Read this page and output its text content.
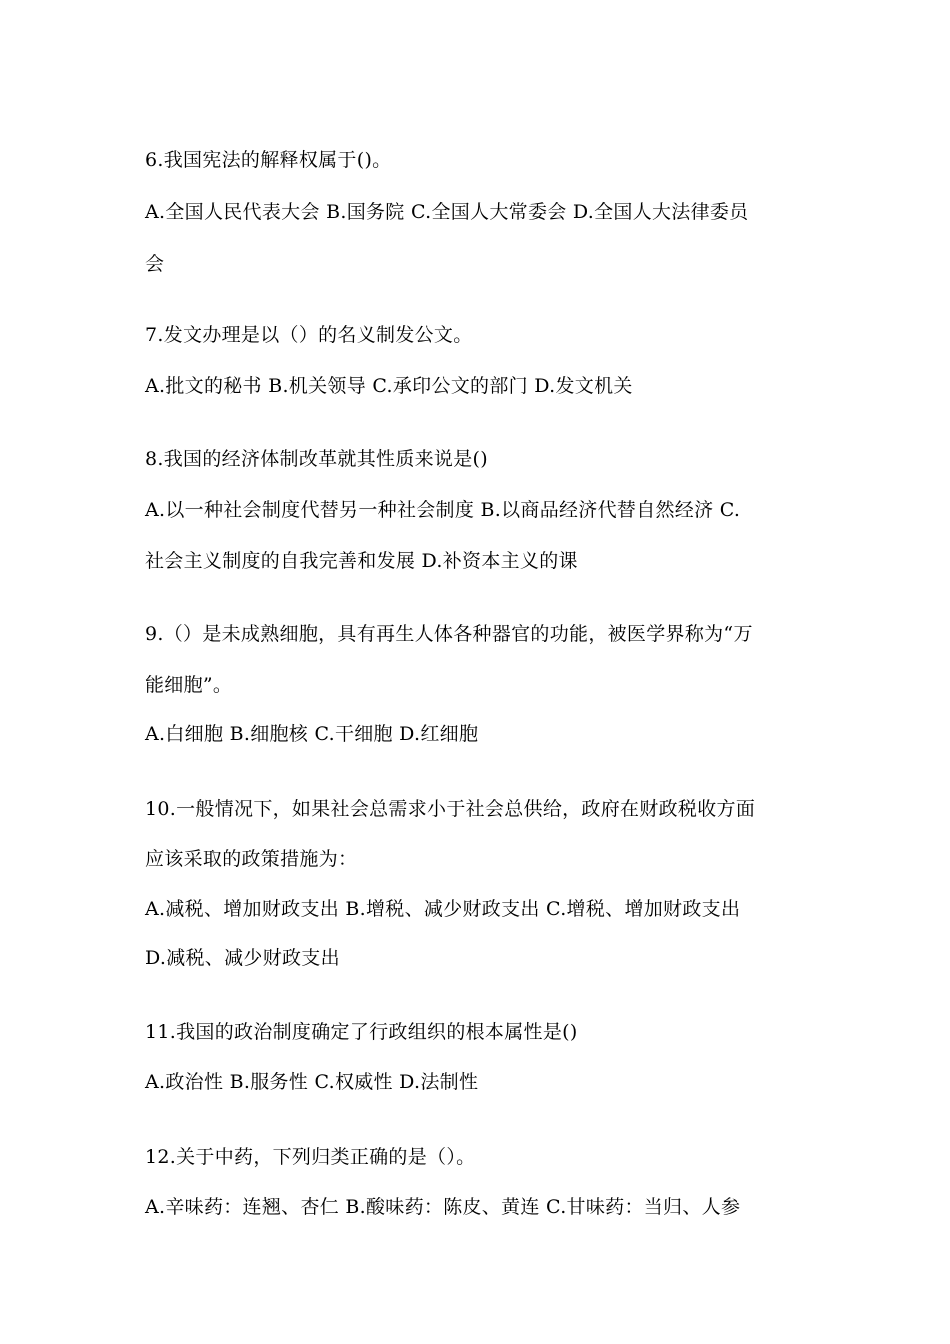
6.我国宪法的解释权属于()。
A.全国人民代表大会 B.国务院 C.全国人大常委会 D.全国人大法律委员
会
7.发文办理是以（）的名义制发公文。
A.批文的秘书 B.机关领导 C.承印公文的部门 D.发文机关
8.我国的经济体制改革就其性质来说是()
A.以一种社会制度代替另一种社会制度 B.以商品经济代替自然经济 C.
社会主义制度的自我完善和发展 D.补资本主义的课
9.（）是未成熟细胞，具有再生人体各种器官的功能，被医学界称为“万
能细胞”。
A.白细胞 B.细胞核 C.干细胞 D.红细胞
10.一般情况下，如果社会总需求小于社会总供给，政府在财政税收方面
应该采取的政策措施为：
A.减税、增加财政支出 B.增税、减少财政支出 C.增税、增加财政支出
D.减税、减少财政支出
11.我国的政治制度确定了行政组织的根本属性是()
A.政治性 B.服务性 C.权威性 D.法制性
12.关于中药，下列归类正确的是（）。
A.辛味药：连翘、杏仁 B.酸味药：陈皮、黄连 C.甘味药：当归、人参
